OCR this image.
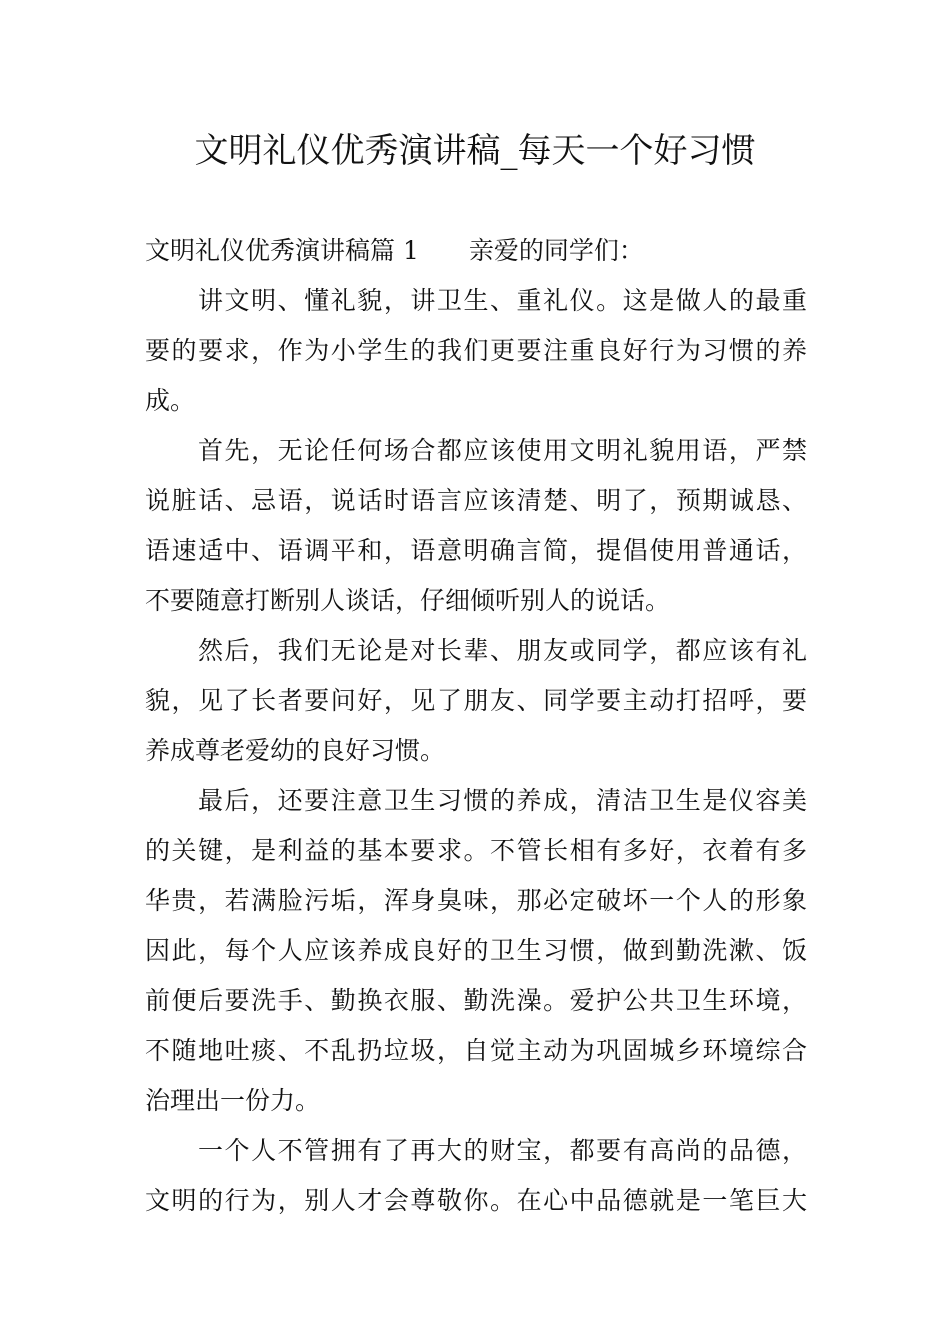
文明礼仪优秀演讲稿_每天一个好习惯

文明礼仪优秀演讲稿篇 1 亲爱的同学们：

讲文明、懂礼貌，讲卫生、重礼仪。这是做人的最重
要的要求，作为小学生的我们更要注重良好行为习惯的养
成。

首先，无论任何场合都应该使用文明礼貌用语，严禁
说脏话、忌语，说话时语言应该清楚、明了，预期诚恳、
语速适中、语调平和，语意明确言简，提倡使用普通话，
不要随意打断别人谈话，仔细倾听别人的说话。

然后，我们无论是对长辈、朋友或同学，都应该有礼
貌，见了长者要问好，见了朋友、同学要主动打招呼，要
养成尊老爱幼的良好习惯。

最后，还要注意卫生习惯的养成，清洁卫生是仪容美
的关键，是利益的基本要求。不管长相有多好，衣着有多
华贵，若满脸污垢，浑身臭味，那必定破坏一个人的形象
因此，每个人应该养成良好的卫生习惯，做到勤洗漱、饭
前便后要洗手、勤换衣服、勤洗澡。爱护公共卫生环境，
不随地吐痰、不乱扔垃圾，自觉主动为巩固城乡环境综合
治理出一份力。

一个人不管拥有了再大的财宝，都要有高尚的品德，
文明的行为，别人才会尊敬你。在心中品德就是一笔巨大
